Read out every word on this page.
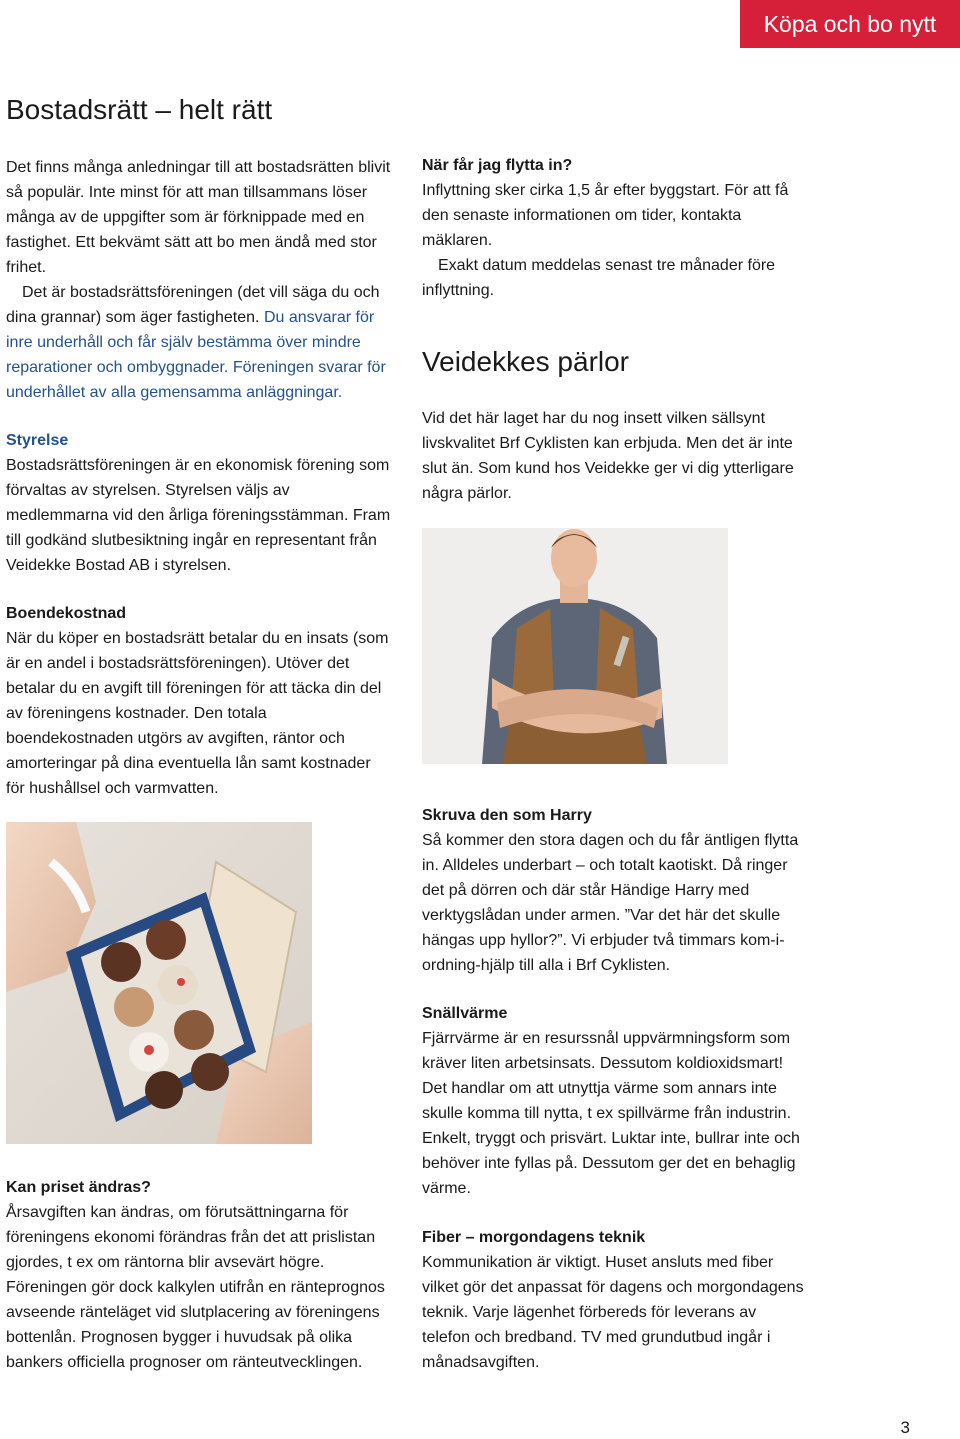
Köpa och bo nytt
Bostadsrätt – helt rätt

Det finns många anledningar till att bostadsrätten blivit så populär. Inte minst för att man tillsammans löser många av de uppgifter som är förknippade med en fastighet. Ett bekvämt sätt att bo men ändå med stor frihet.

Det är bostadsrättsföreningen (det vill säga du och dina grannar) som äger fastigheten. Du ansvarar för inre underhåll och får själv bestämma över mindre reparationer och ombyggnader. Föreningen svarar för underhållet av alla gemensamma anläggningar.

Styrelse

Bostadsrättsföreningen är en ekonomisk förening som förvaltas av styrelsen. Styrelsen väljs av medlemmarna vid den årliga föreningsstämman. Fram till godkänd slutbesiktning ingår en representant från Veidekke Bostad AB i styrelsen.

Boendekostnad

När du köper en bostadsrätt betalar du en insats (som är en andel i bostadsrättsföreningen). Utöver det betalar du en avgift till föreningen för att täcka din del av föreningens kostnader. Den totala boendekostnaden utgörs av avgiften, räntor och amorteringar på dina eventuella lån samt kostnader för hushållsel och varmvatten.

Kan priset ändras?

Årsavgiften kan ändras, om förutsättningarna för föreningens ekonomi förändras från det att prislistan gjordes, t ex om räntorna blir avsevärt högre. Föreningen gör dock kalkylen utifrån en ränteprognos avseende ränteläget vid slutplacering av föreningens bottenlån. Prognosen bygger i huvudsak på olika bankers officiella prognoser om ränteutvecklingen.

När får jag flytta in?

Inflyttning sker cirka 1,5 år efter byggstart. För att få den senaste informationen om tider, kontakta mäklaren.

Exakt datum meddelas senast tre månader före inflyttning.

Veidekkes pärlor

Vid det här laget har du nog insett vilken sällsynt livskvalitet Brf Cyklisten kan erbjuda. Men det är inte slut än. Som kund hos Veidekke ger vi dig ytterligare några pärlor.

Skruva den som Harry

Så kommer den stora dagen och du får äntligen flytta in. Alldeles underbart – och totalt kaotiskt. Då ringer det på dörren och där står Händige Harry med verktygslådan under armen. ”Var det här det skulle hängas upp hyllor?”. Vi erbjuder två timmars kom-i-ordning-hjälp till alla i Brf Cyklisten.

Snällvärme

Fjärrvärme är en resurssnål uppvärmningsform som kräver liten arbetsinsats. Dessutom koldioxidsmart! Det handlar om att utnyttja värme som annars inte skulle komma till nytta, t ex spillvärme från industrin. Enkelt, tryggt och prisvärt. Luktar inte, bullrar inte och behöver inte fyllas på. Dessutom ger det en behaglig värme.

Fiber – morgondagens teknik

Kommunikation är viktigt. Huset ansluts med fiber vilket gör det anpassat för dagens och morgondagens teknik. Varje lägenhet förbereds för leverans av telefon och bredband. TV med grundutbud ingår i månadsavgiften.

3
